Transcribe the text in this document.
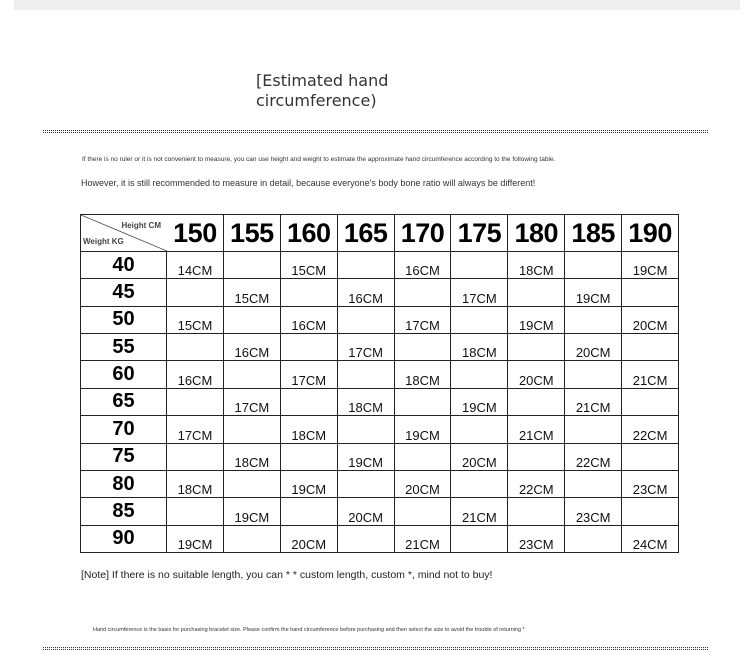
[Estimated hand circumference)
If there is no ruler or it is not convenient to measure, you can use height and weight to estimate the approximate hand circumference according to the following table.
However, it is still recommended to measure in detail, because everyone's body bone ratio will always be different!
Height CM
Weight KG	150	155	160	165	170	175	180	185	190
40	14CM		15CM		16CM		18CM		19CM
45		15CM		16CM		17CM		19CM	
50	15CM		16CM		17CM		19CM		20CM
55		16CM		17CM		18CM		20CM	
60	16CM		17CM		18CM		20CM		21CM
65		17CM		18CM		19CM		21CM	
70	17CM		18CM		19CM		21CM		22CM
75		18CM		19CM		20CM		22CM	
80	18CM		19CM		20CM		22CM		23CM
85		19CM		20CM		21CM		23CM	
90	19CM		20CM		21CM		23CM		24CM
[Note] If there is no suitable length, you can * * custom length, custom *, mind not to buy!
Hand circumference is the basis for purchasing bracelet size. Please confirm the hand circumference before purchasing and then select the size to avoid the trouble of returning *
